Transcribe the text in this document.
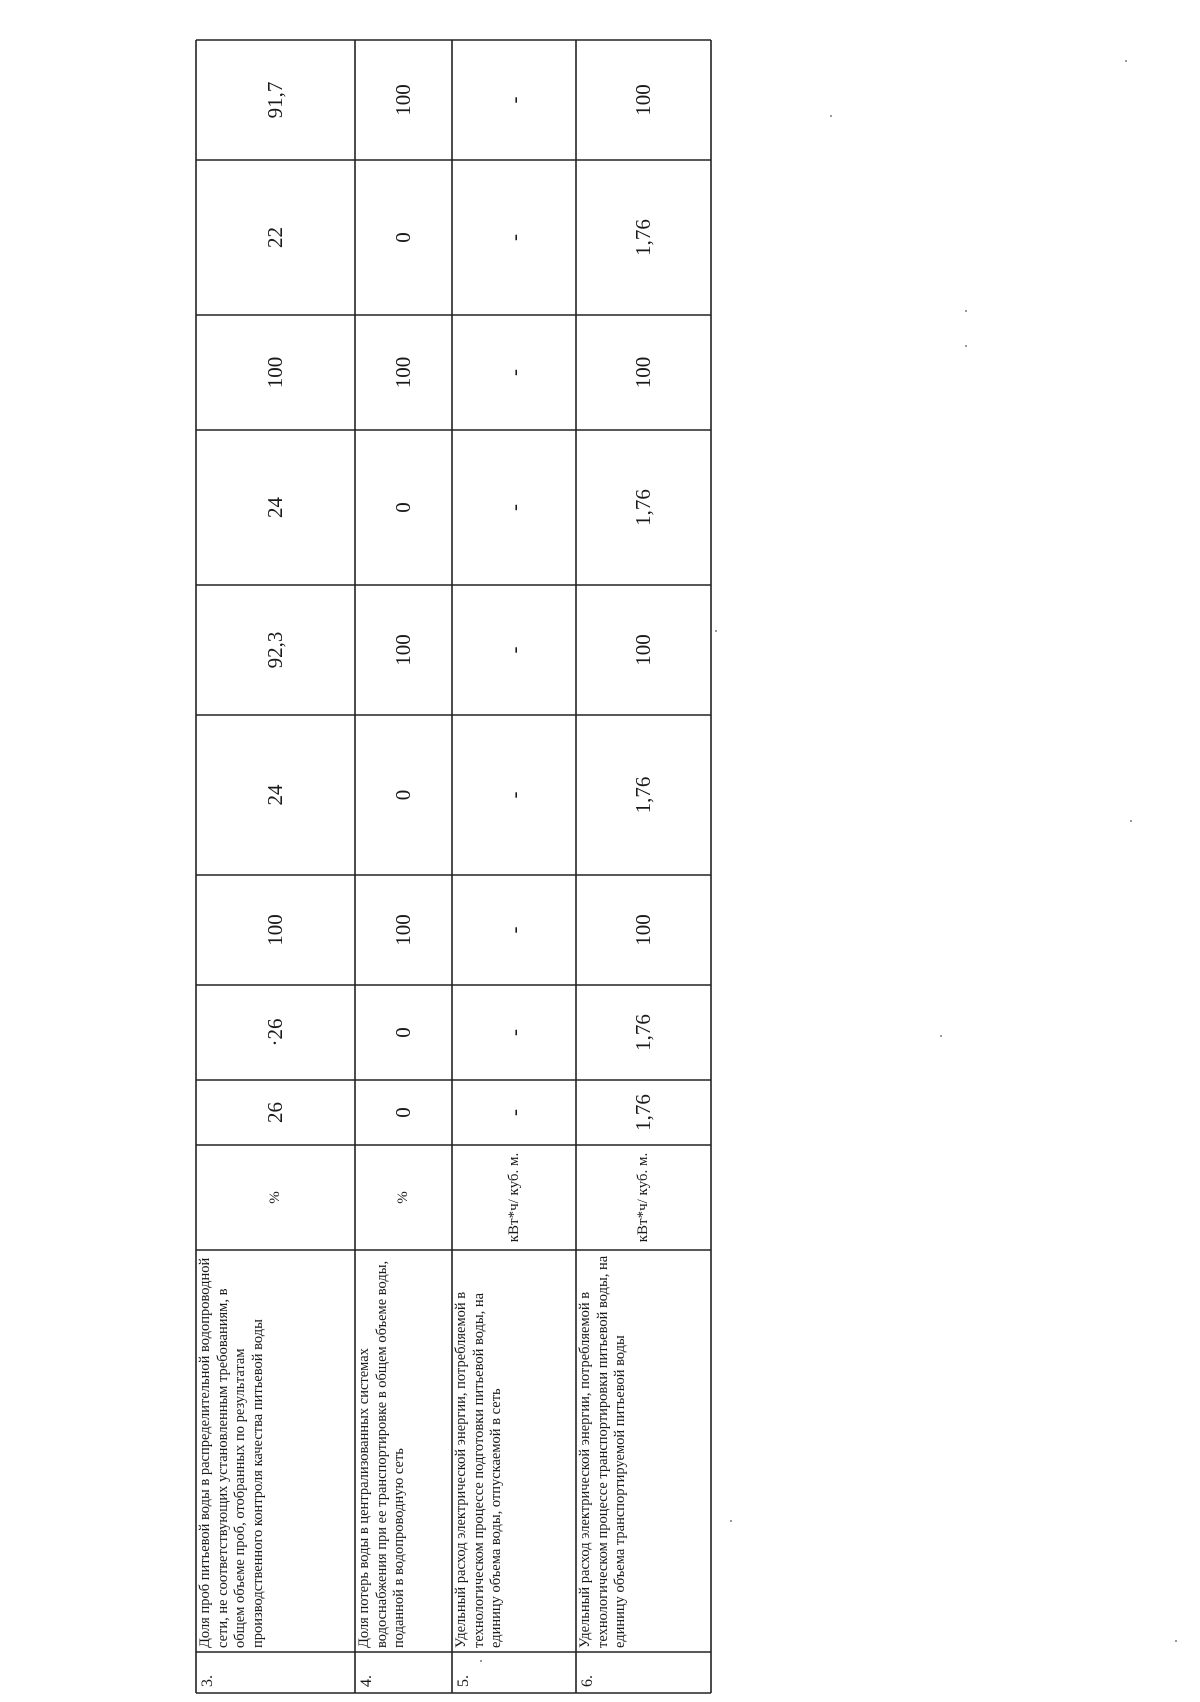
3.
Доля проб питьевой воды в распределительной водопроводной сети, не соответствующих установленным требованиям, в общем объеме проб, отобранных по результатам производственного контроля качества питьевой воды
%
26
·26
100
24
92,3
24
100
22
91,7
4.
Доля потерь воды в централизованных системах водоснабжения при ее транспортировке в общем объеме воды, поданной в водопроводную сеть
%
0
0
100
0
100
0
100
0
100
5.
Удельный расход электрической энергии, потребляемой в технологическом процессе подготовки питьевой воды, на единицу объема воды, отпускаемой в сеть
кВт*ч/ куб. м.
-
-
-
-
-
-
-
-
-
6.
Удельный расход электрической энергии, потребляемой в технологическом процессе транспортировки питьевой воды, на единицу объема транспортируемой питьевой воды
кВт*ч/ куб. м.
1,76
1,76
100
1,76
100
1,76
100
1,76
100
